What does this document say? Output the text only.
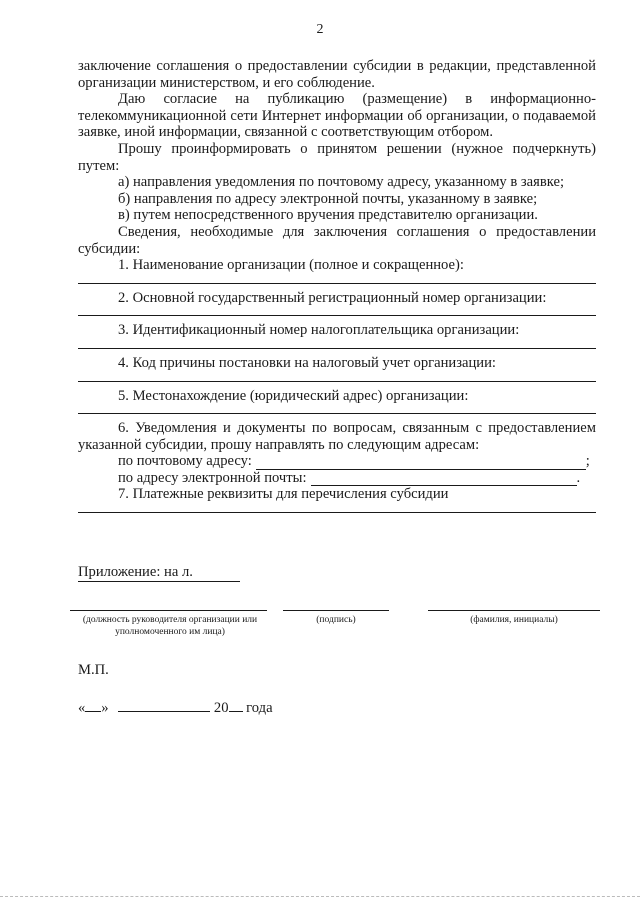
2

заключение соглашения о предоставлении субсидии в редакции, представленной организации министерством, и его соблюдение.

Даю согласие на публикацию (размещение) в информационно-телекоммуникационной сети Интернет информации об организации, о подаваемой заявке, иной информации, связанной с соответствующим отбором.

Прошу проинформировать о принятом решении (нужное подчеркнуть) путем:

а) направления уведомления по почтовому адресу, указанному в заявке;

б) направления по адресу электронной почты, указанному в заявке;

в) путем непосредственного вручения представителю организации.

Сведения, необходимые для заключения соглашения о предоставлении субсидии:

1. Наименование организации (полное и сокращенное):

2. Основной государственный регистрационный номер организации:

3. Идентификационный номер налогоплательщика организации:

4. Код причины постановки на налоговый учет организации:

5. Местонахождение (юридический адрес) организации:

6. Уведомления и документы по вопросам, связанным с предоставлением указанной субсидии, прошу направлять по следующим адресам:

по почтовому адресу:	;
по адресу электронной почты:	.

7. Платежные реквизиты для перечисления субсидии

Приложение: на л.
(должность руководителя организации или уполномоченного им лица)
(подпись)	(фамилия, инициалы)
М.П.
« »	20 года
